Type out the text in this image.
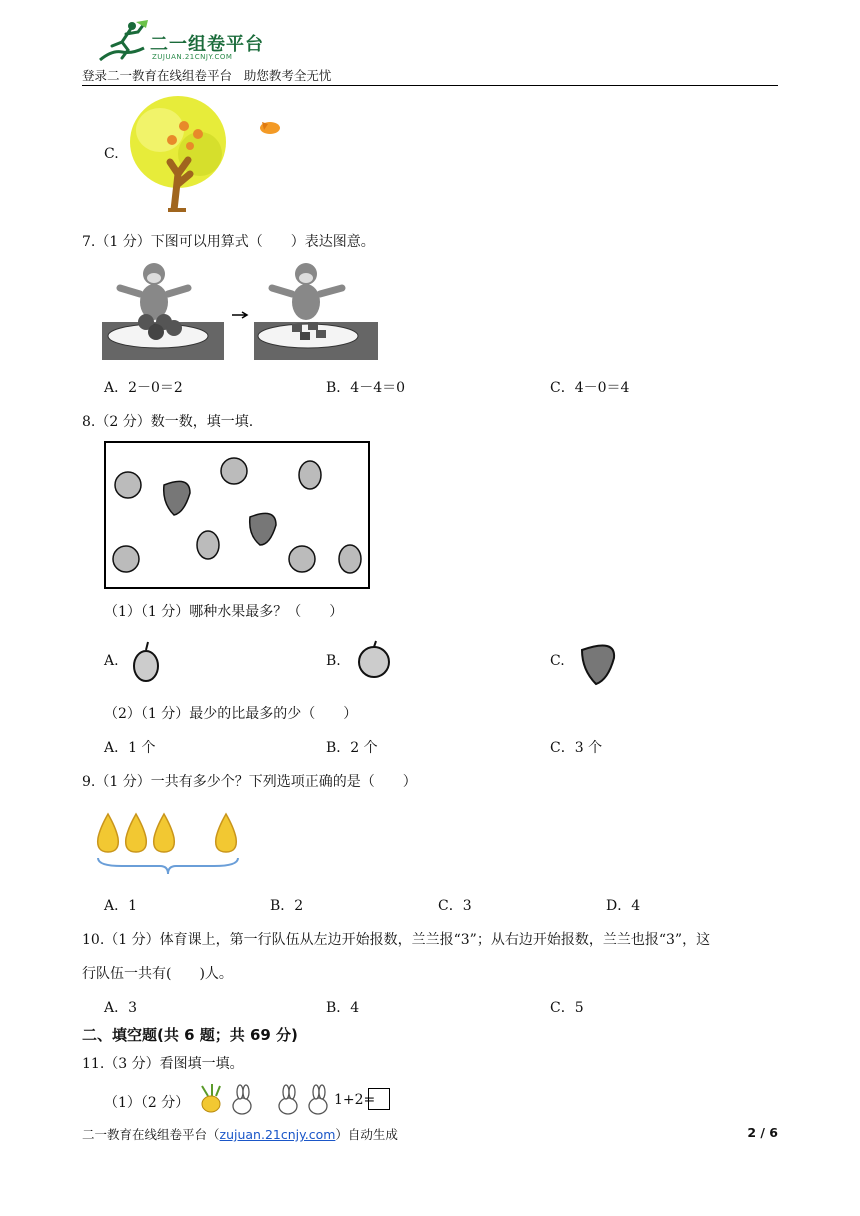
二一组卷平台
ZUJUAN.21CNJY.COM
登录二一教育在线组卷平台   助您教考全无忧
C.
7.（1 分）下图可以用算式（　　）表达图意。
A．2－0＝2	B．4－4＝0	C．4－0＝4
8.（2 分）数一数，填一填.
（1）（1 分）哪种水果最多？（　　）
A.	B.	C.
（2）（1 分）最少的比最多的少（　　）
A．1 个	B．2 个	C．3 个
9.（1 分）一共有多少个？下列选项正确的是（　　）
A．1	B．2	C．3	D．4
10.（1 分）体育课上，第一行队伍从左边开始报数，兰兰报“3”；从右边开始报数，兰兰也报“3”，这
行队伍一共有(　　)人。
A．3	B．4	C．5
二、填空题(共 6 题；共 69 分)
11.（3 分）看图填一填。
（1）（2 分）	1+2=
二一教育在线组卷平台（zujuan.21cnjy.com）自动生成	2 / 6
